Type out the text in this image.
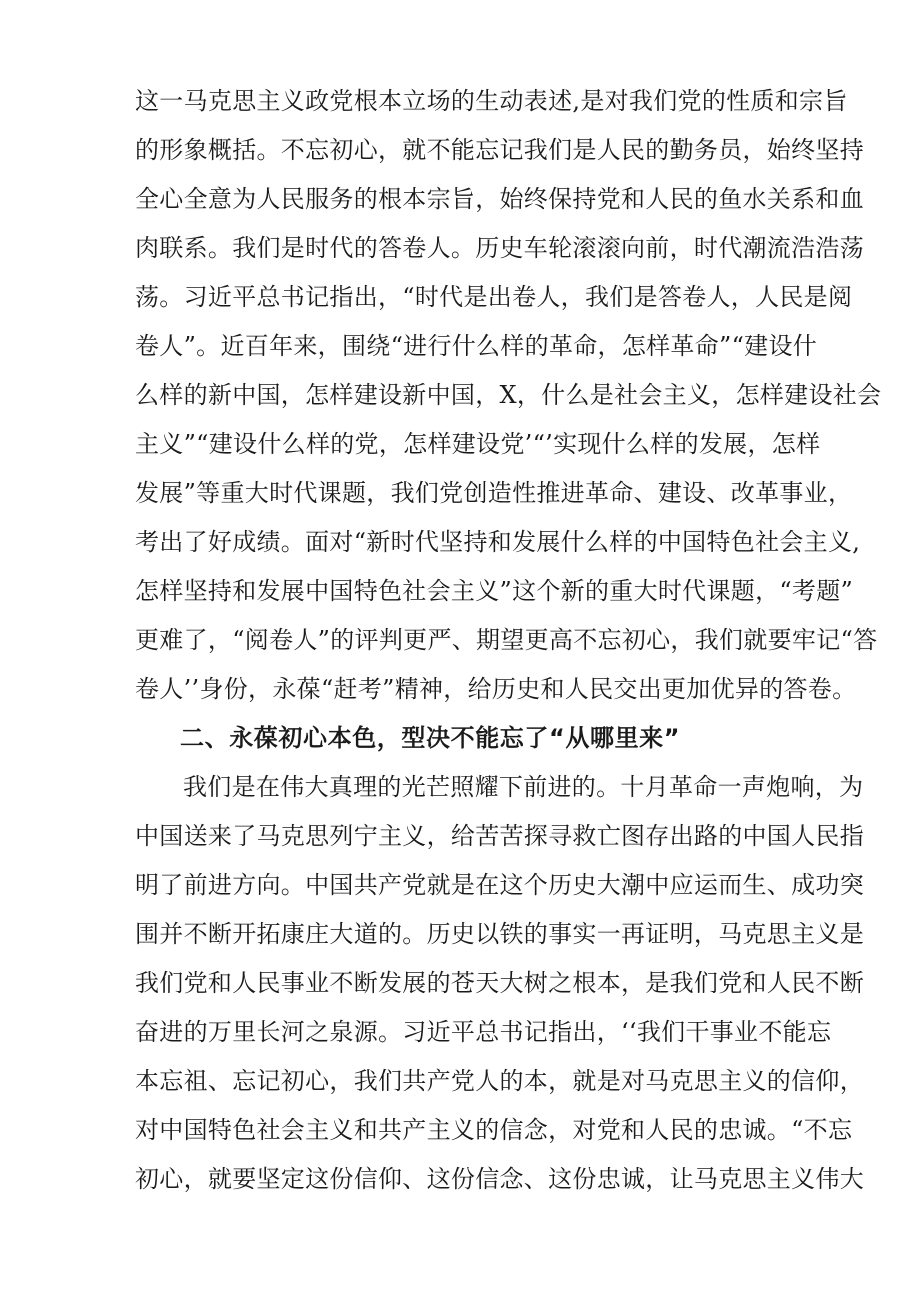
这一马克思主义政党根本立场的生动表述,是对我们党的性质和宗旨
的形象概括。不忘初心，就不能忘记我们是人民的勤务员，始终坚持
全心全意为人民服务的根本宗旨，始终保持党和人民的鱼水关系和血
肉联系。我们是时代的答卷人。历史车轮滚滚向前，时代潮流浩浩荡
荡。习近平总书记指出，“时代是出卷人，我们是答卷人，人民是阅
卷人”。近百年来，围绕“进行什么样的革命，怎样革命”“建设什
么样的新中国，怎样建设新中国，X，什么是社会主义，怎样建设社会
主义”“建设什么样的党，怎样建设党’“’实现什么样的发展，怎样
发展”等重大时代课题，我们党创造性推进革命、建设、改革事业，
考出了好成绩。面对“新时代坚持和发展什么样的中国特色社会主义,
怎样坚持和发展中国特色社会主义”这个新的重大时代课题，“考题”
更难了，“阅卷人”的评判更严、期望更高不忘初心，我们就要牢记“答
卷人’’身份，永葆“赶考”精神，给历史和人民交出更加优异的答卷。
二、永葆初心本色，型决不能忘了“从哪里来”
我们是在伟大真理的光芒照耀下前进的。十月革命一声炮响，为
中国送来了马克思列宁主义，给苦苦探寻救亡图存出路的中国人民指
明了前进方向。中国共产党就是在这个历史大潮中应运而生、成功突
围并不断开拓康庄大道的。历史以铁的事实一再证明，马克思主义是
我们党和人民事业不断发展的苍天大树之根本，是我们党和人民不断
奋进的万里长河之泉源。习近平总书记指出，‘‘我们干事业不能忘
本忘祖、忘记初心，我们共产党人的本，就是对马克思主义的信仰，
对中国特色社会主义和共产主义的信念，对党和人民的忠诚。“不忘
初心，就要坚定这份信仰、这份信念、这份忠诚，让马克思主义伟大
